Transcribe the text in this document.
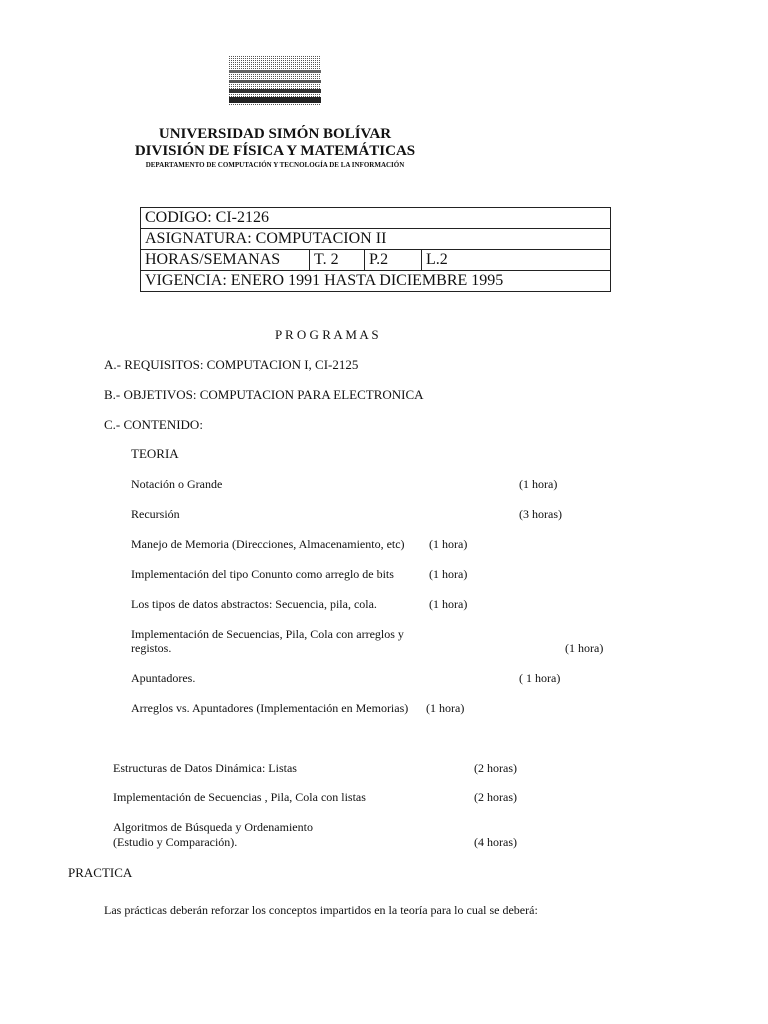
UNIVERSIDAD SIMÓN BOLÍVAR
DIVISIÓN DE FÍSICA Y MATEMÁTICAS
DEPARTAMENTO DE COMPUTACIÓN Y TECNOLOGÍA DE LA INFORMACIÓN
CODIGO: CI-2126
ASIGNATURA: COMPUTACION II
HORAS/SEMANAS	T. 2	P.2	L.2
VIGENCIA: ENERO 1991 HASTA DICIEMBRE 1995
P R O G R A M A S
A.- REQUISITOS: COMPUTACION I, CI-2125
B.- OBJETIVOS: COMPUTACION PARA ELECTRONICA
C.- CONTENIDO:
TEORIA
Notación o Grande	(1 hora)
Recursión	(3 horas)
Manejo de Memoria (Direcciones, Almacenamiento, etc) (1 hora)
Implementación del tipo Conunto como arreglo de bits	(1 hora)
Los tipos de datos abstractos: Secuencia, pila, cola.	(1 hora)
Implementación de Secuencias, Pila, Cola con arreglos y
registos.	(1 hora)
Apuntadores.	( 1 hora)
Arreglos vs. Apuntadores (Implementación en Memorias) (1 hora)
Estructuras de Datos Dinámica: Listas	(2 horas)
Implementación de Secuencias , Pila, Cola con listas	(2 horas)
Algoritmos de Búsqueda y Ordenamiento
(Estudio y Comparación).	(4 horas)
PRACTICA
Las prácticas deberán reforzar los conceptos impartidos en la teoría para lo cual se deberá:
